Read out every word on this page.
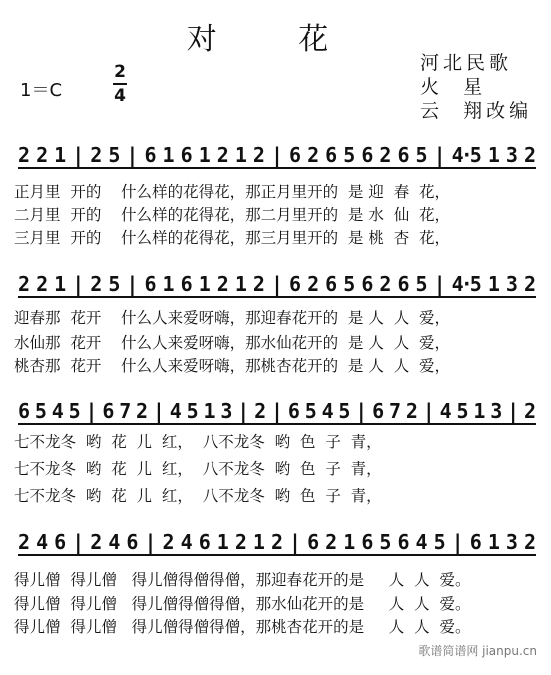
对 花
河北民歌
火  星
云  翔改编
1＝C
2
4
2 2 1 | 2 5 | 6 1 6 1 2 1 2 | 6 2 6 5 6 2 6 5 | 4·5 1 3 2
2 2 1 | 2 5 | 6 1 6 1 2 1 2 | 6 2 6 5 6 2 6 5 | 4·5 1 3 2
6 5 4 5 | 6 7 2 | 4 5 1 3 | 2 | 6 5 4 5 | 6 7 2 | 4 5 1 3 | 2
2 4 6 | 2 4 6 | 2 4 6 1 2 1 2 | 6 2 1 6 5 6 4 5 | 6 1 3 2
正月里  开的    什么样的花得花，那正月里开的  是 迎  春  花，
二月里  开的    什么样的花得花，那二月里开的  是 水  仙  花，
三月里  开的    什么样的花得花，那三月里开的  是 桃  杏  花，
迎春那  花开    什么人来爱呀嗨，那迎春花开的  是 人  人  爱，
水仙那  花开    什么人来爱呀嗨，那水仙花开的  是 人  人  爱，
桃杏那  花开    什么人来爱呀嗨，那桃杏花开的  是 人  人  爱，
七不龙冬  哟  花  儿  红，  八不龙冬  哟  色  子  青，
七不龙冬  哟  花  儿  红，  八不龙冬  哟  色  子  青，
七不龙冬  哟  花  儿  红，  八不龙冬  哟  色  子  青，
得儿僧  得儿僧   得儿僧得僧得僧，那迎春花开的是     人  人  爱。
得儿僧  得儿僧   得儿僧得僧得僧，那水仙花开的是     人  人  爱。
得儿僧  得儿僧   得儿僧得僧得僧，那桃杏花开的是     人  人  爱。
歌谱简谱网 jianpu.cn
